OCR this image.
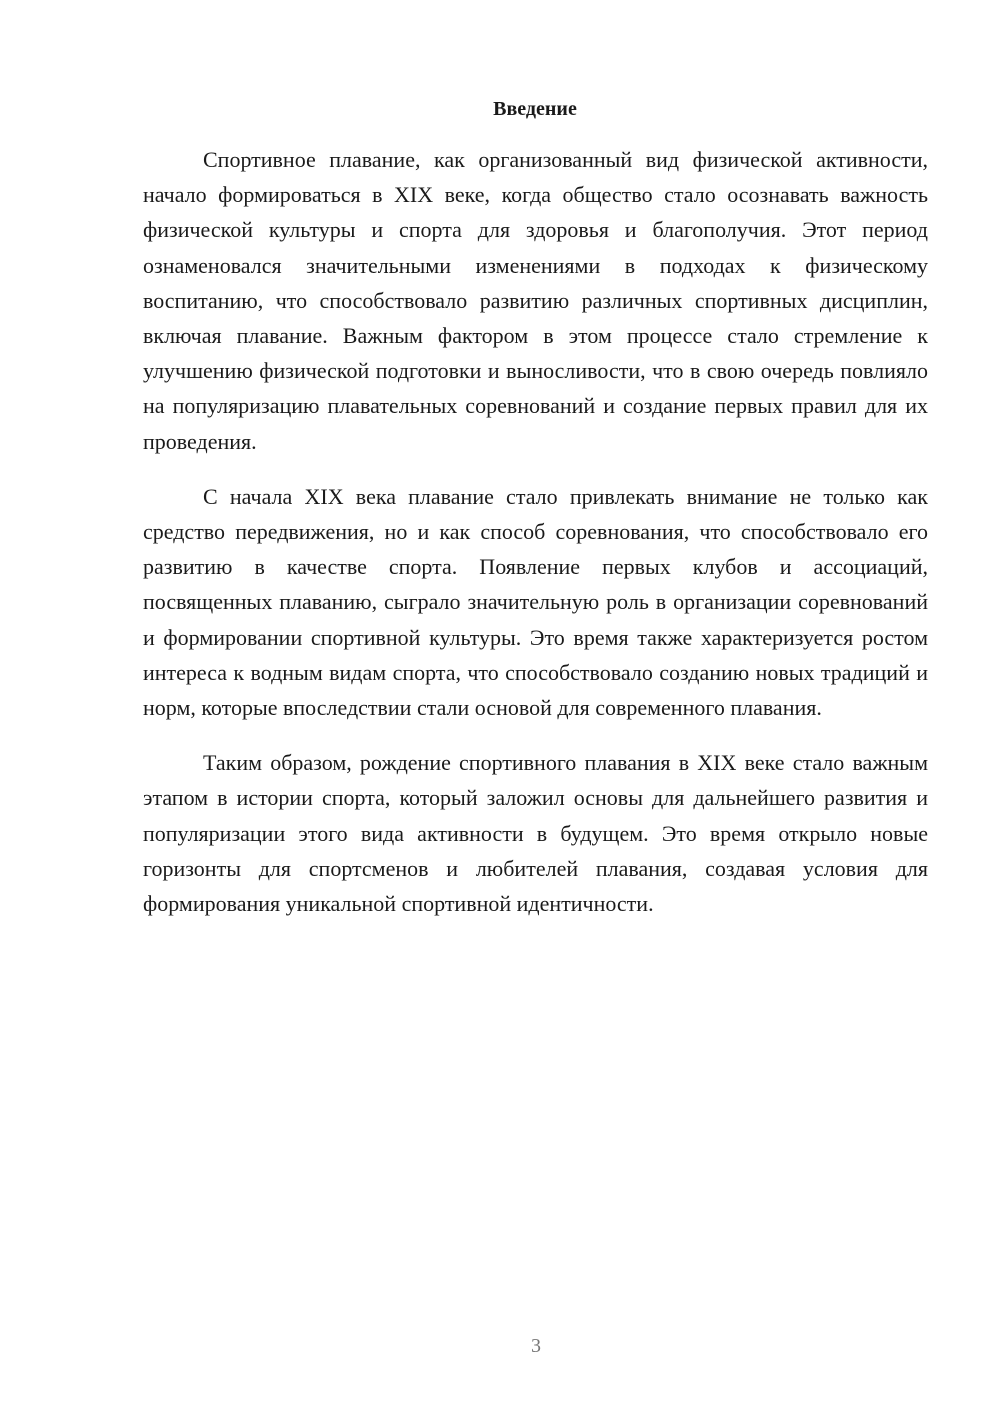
Введение

Спортивное плавание, как организованный вид физической активности, начало формироваться в XIX веке, когда общество стало осознавать важность физической культуры и спорта для здоровья и благополучия. Этот период ознаменовался значительными изменениями в подходах к физическому воспитанию, что способствовало развитию различных спортивных дисциплин, включая плавание. Важным фактором в этом процессе стало стремление к улучшению физической подготовки и выносливости, что в свою очередь повлияло на популяризацию плавательных соревнований и создание первых правил для их проведения.

С начала XIX века плавание стало привлекать внимание не только как средство передвижения, но и как способ соревнования, что способствовало его развитию в качестве спорта. Появление первых клубов и ассоциаций, посвященных плаванию, сыграло значительную роль в организации соревнований и формировании спортивной культуры. Это время также характеризуется ростом интереса к водным видам спорта, что способствовало созданию новых традиций и норм, которые впоследствии стали основой для современного плавания.

Таким образом, рождение спортивного плавания в XIX веке стало важным этапом в истории спорта, который заложил основы для дальнейшего развития и популяризации этого вида активности в будущем. Это время открыло новые горизонты для спортсменов и любителей плавания, создавая условия для формирования уникальной спортивной идентичности.

3
